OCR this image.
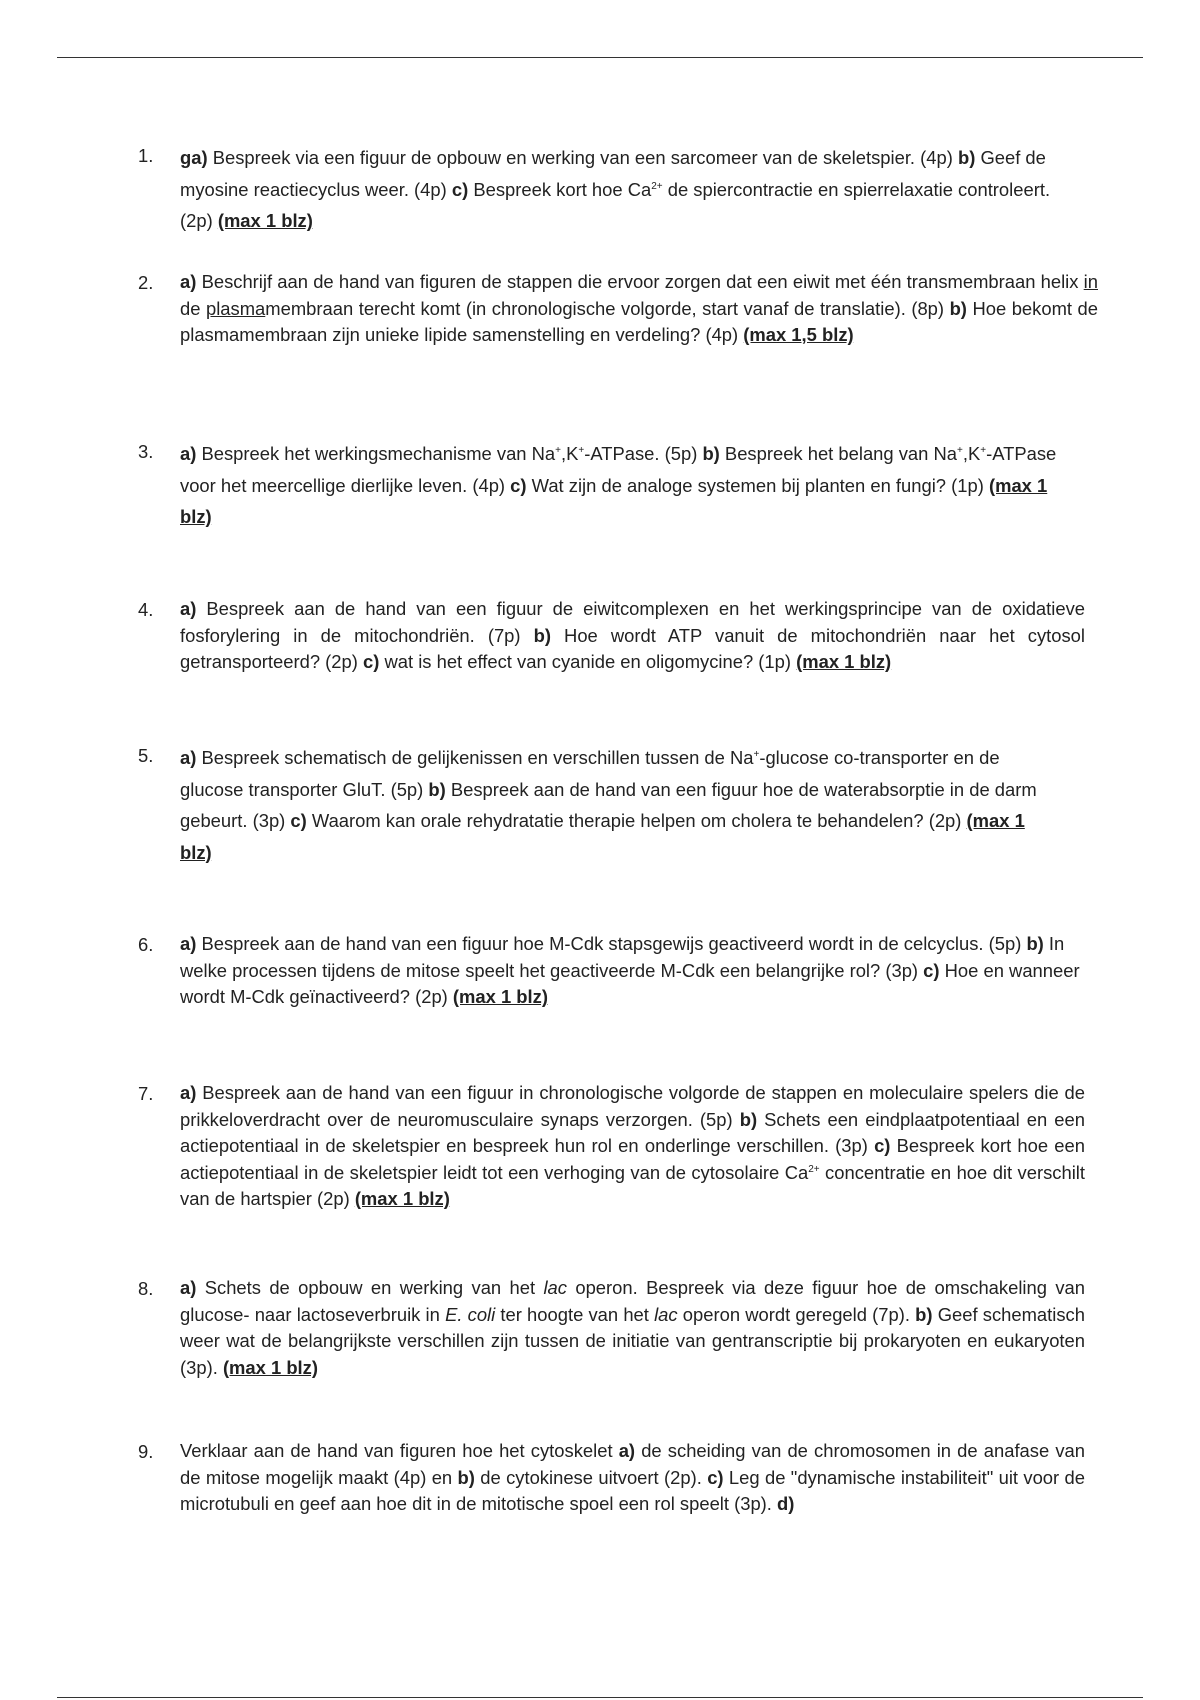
1.	ga) Bespreek via een figuur de opbouw en werking van een sarcomeer van de skeletspier. (4p) b) Geef de myosine reactiecyclus weer. (4p) c) Bespreek kort hoe $Ca^{2+}$ de spiercontractie en spierrelaxatie controleert. (2p) (max 1 blz)
2.	a) Beschrijf aan de hand van figuren de stappen die ervoor zorgen dat een eiwit met één transmembraan helix in de plasmamembraan terecht komt (in chronologische volgorde, start vanaf de translatie). (8p) b) Hoe bekomt de plasmamembraan zijn unieke lipide samenstelling en verdeling? (4p) (max 1,5 blz)
3.	a) Bespreek het werkingsmechanisme van Na+,K+-ATPase. (5p) b) Bespreek het belang van Na+,K+-ATPase voor het meercellige dierlijke leven. (4p) c) Wat zijn de analoge systemen bij planten en fungi? (1p) (max 1 blz)
4.	a) Bespreek aan de hand van een figuur de eiwitcomplexen en het werkingsprincipe van de oxidatieve fosforylering in de mitochondriën. (7p) b) Hoe wordt ATP vanuit de mitochondriën naar het cytosol getransporteerd? (2p) c) wat is het effect van cyanide en oligomycine? (1p) (max 1 blz)
5.	a) Bespreek schematisch de gelijkenissen en verschillen tussen de Na+-glucose co-transporter en de glucose transporter GluT. (5p) b) Bespreek aan de hand van een figuur hoe de waterabsorptie in de darm gebeurt. (3p) c) Waarom kan orale rehydratatie therapie helpen om cholera te behandelen? (2p) (max 1 blz)
6.	a) Bespreek aan de hand van een figuur hoe M-Cdk stapsgewijs geactiveerd wordt in de celcyclus. (5p) b) In welke processen tijdens de mitose speelt het geactiveerde M-Cdk een belangrijke rol? (3p) c) Hoe en wanneer wordt M-Cdk geïnactiveerd? (2p) (max 1 blz)
7.	a) Bespreek aan de hand van een figuur in chronologische volgorde de stappen en moleculaire spelers die de prikkeloverdracht over de neuromusculaire synaps verzorgen. (5p) b) Schets een eindplaatpotentiaal en een actiepotentiaal in de skeletspier en bespreek hun rol en onderlinge verschillen. (3p) c) Bespreek kort hoe een actiepotentiaal in de skeletspier leidt tot een verhoging van de cytosolaire $Ca^{2+}$ concentratie en hoe dit verschilt van de hartspier (2p) (max 1 blz)
8.	a) Schets de opbouw en werking van het lac operon. Bespreek via deze figuur hoe de omschakeling van glucose- naar lactoseverbruik in E. coli ter hoogte van het lac operon wordt geregeld (7p). b) Geef schematisch weer wat de belangrijkste verschillen zijn tussen de initiatie van gentranscriptie bij prokaryoten en eukaryoten (3p). (max 1 blz)
9.	Verklaar aan de hand van figuren hoe het cytoskelet a) de scheiding van de chromosomen in de anafase van de mitose mogelijk maakt (4p) en b) de cytokinese uitvoert (2p). c) Leg de "dynamische instabiliteit" uit voor de microtubuli en geef aan hoe dit in de mitotische spoel een rol speelt (3p). d)
